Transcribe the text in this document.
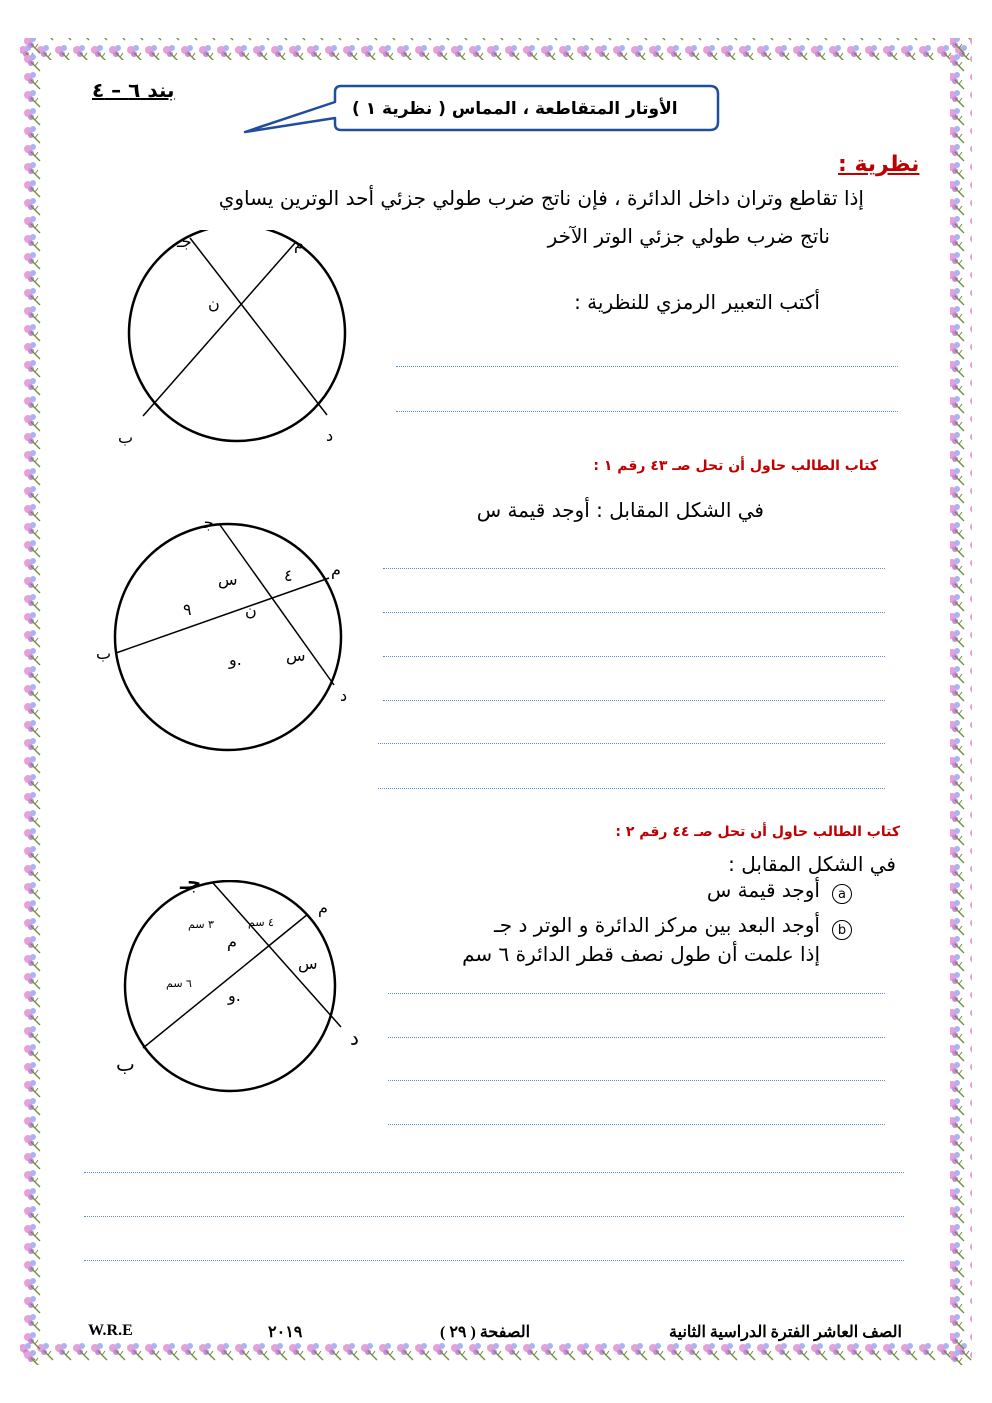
بند ٦ – ٤
الأوتار المتقاطعة ، المماس ( نظرية ١ )
نظرية :
إذا تقاطع وتران داخل الدائرة ، فإن ناتج ضرب طولي جزئي أحد الوترين يساوي
ناتج ضرب طولي جزئي الوتر الآخر
أكتب التعبير الرمزي للنظرية :
م
جـ
ن
ب	د
كتاب الطالب حاول أن تحل صـ ٤٣ رقم ١ :
في الشكل المقابل : أوجد قيمة س
م
جـ
ب
د
ن
و.
س
س
٤
٩
كتاب الطالب حاول أن تحل صـ ٤٤ رقم ٢ :
في الشكل المقابل :
a
أوجد قيمة س
b
أوجد البعد بين مركز الدائرة و الوتر د جـ
إذا علمت أن طول نصف قطر الدائرة ٦ سم
م
جـ
ب
د
م
و.
س
٣ سم	٤ سم
٦ سم
الصف العاشر الفترة الدراسية الثانية
الصفحة ( ٢٩ )
٢٠١٩
W.R.E
